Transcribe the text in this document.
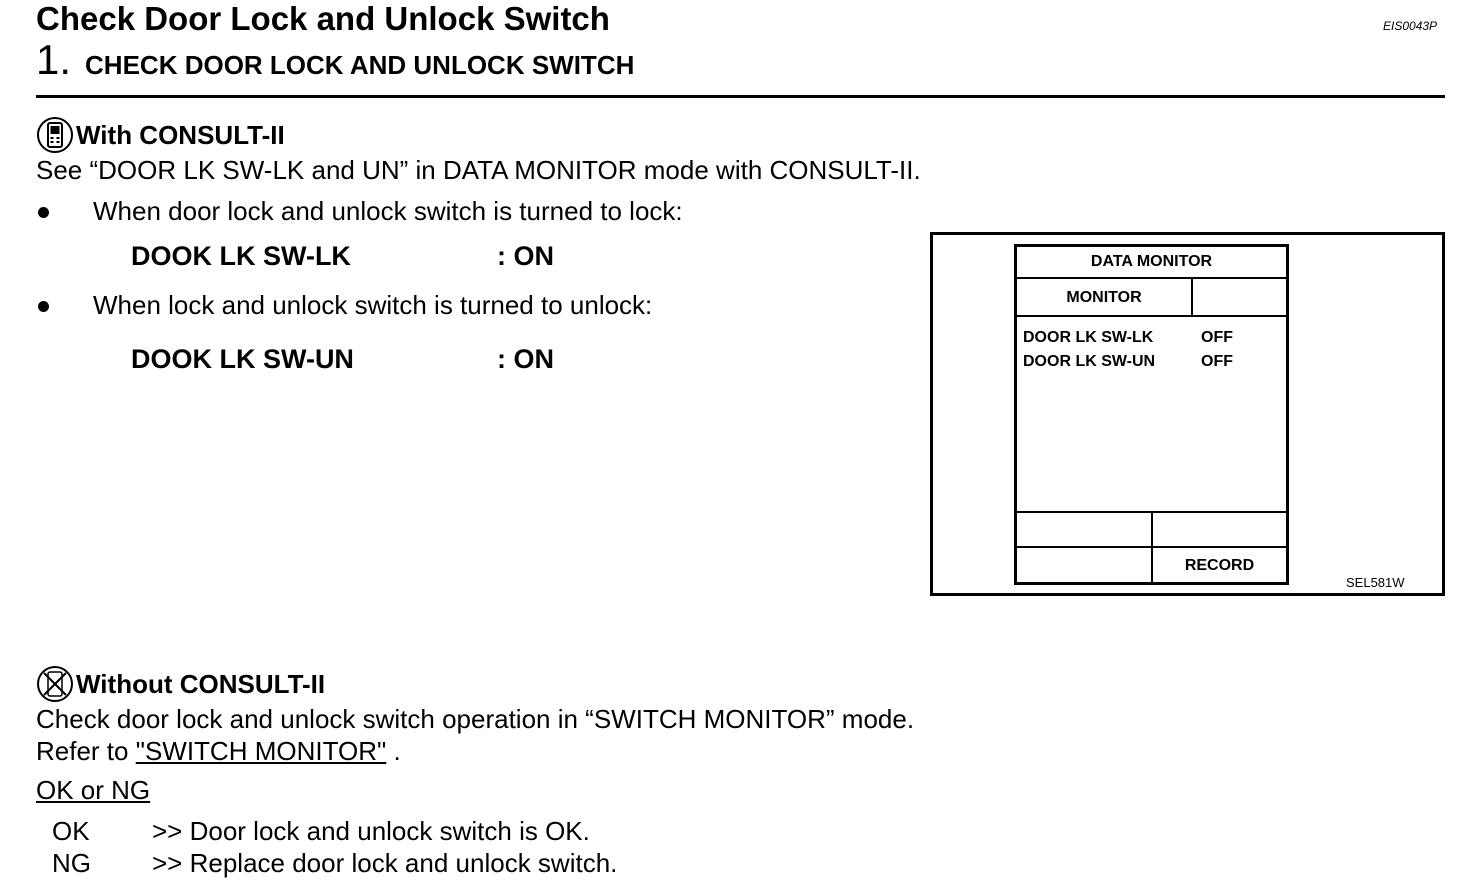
Check Door Lock and Unlock Switch	EIS0043P
1. CHECK DOOR LOCK AND UNLOCK SWITCH
With CONSULT-II
See “DOOR LK SW-LK and UN” in DATA MONITOR mode with CONSULT-II.
When door lock and unlock switch is turned to lock:
DOOK LK SW-LK	: ON
When lock and unlock switch is turned to unlock:
DOOK LK SW-UN	: ON
DATA MONITOR
MONITOR
DOOR LK SW-LK	OFF
DOOR LK SW-UN	OFF
RECORD
SEL581W
Without CONSULT-II
Check door lock and unlock switch operation in “SWITCH MONITOR” mode.
Refer to "SWITCH MONITOR" .
OK or NG
OK >> Door lock and unlock switch is OK.
NG >> Replace door lock and unlock switch.
